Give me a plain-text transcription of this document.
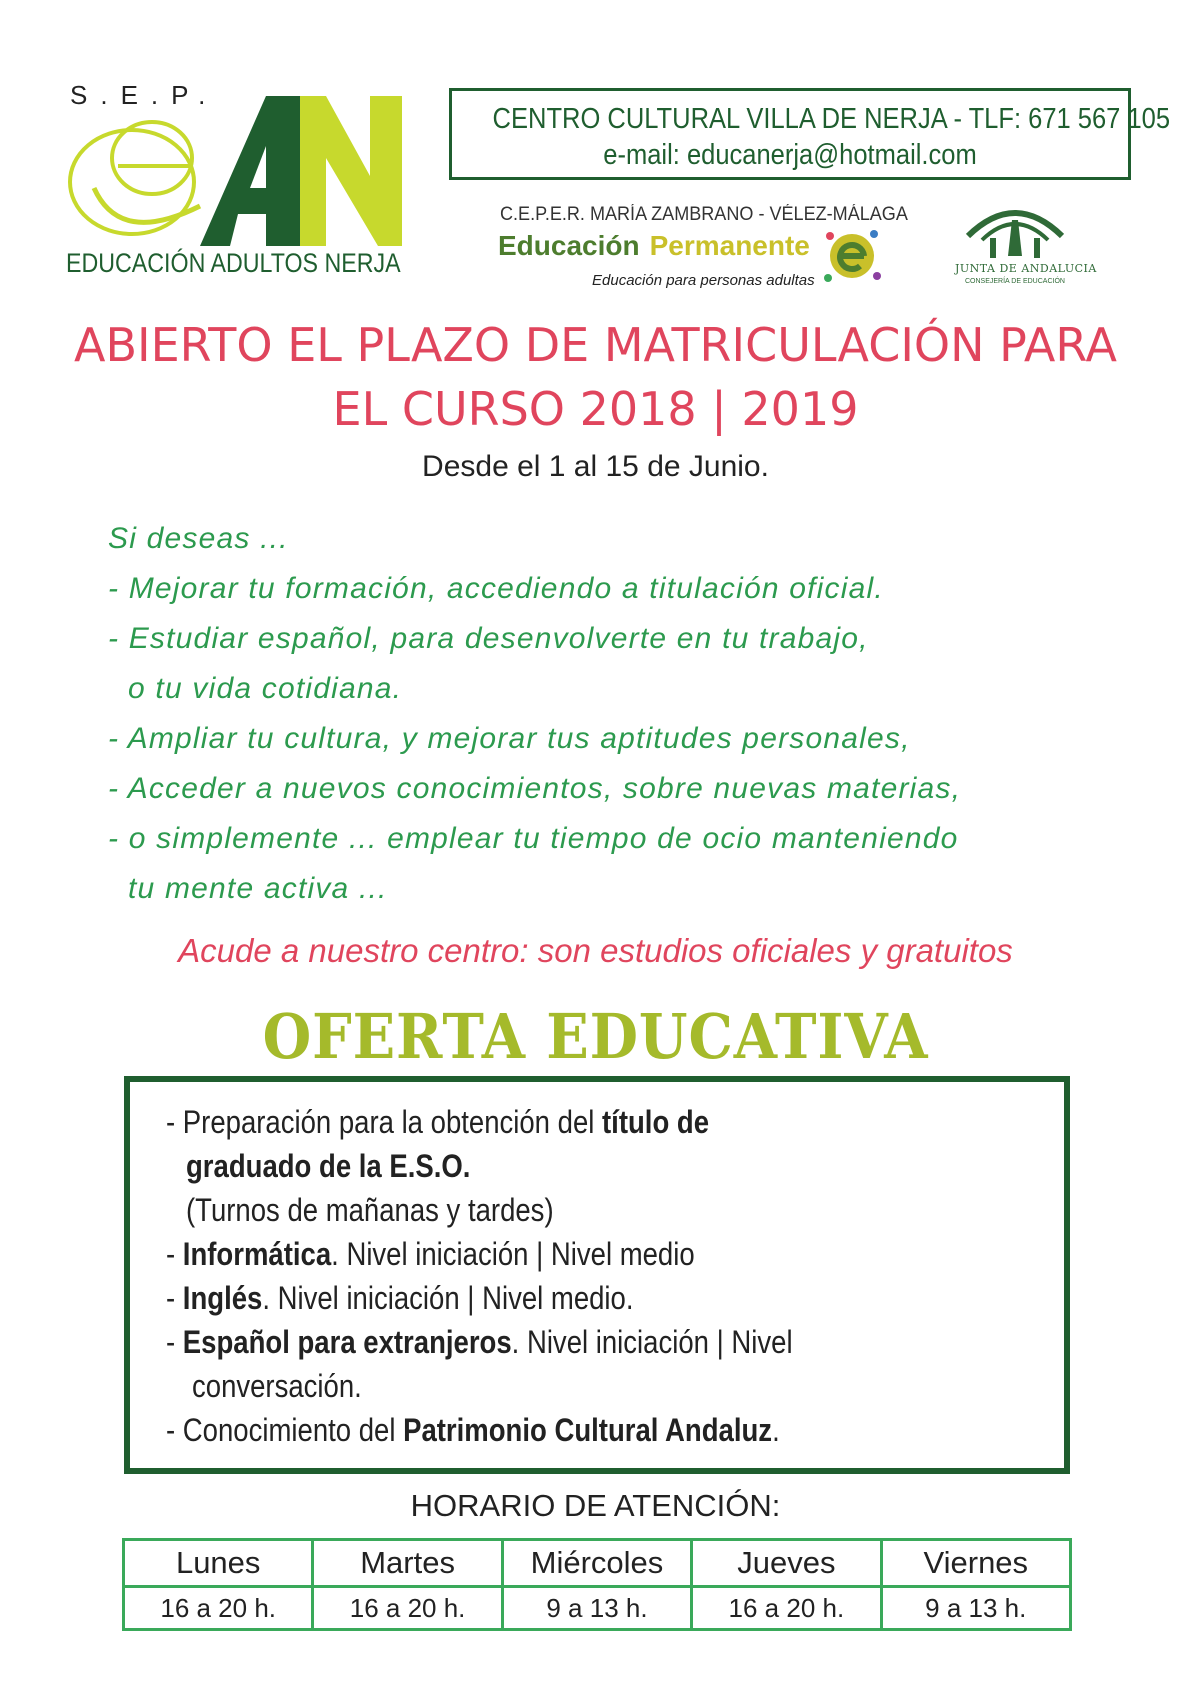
S.E.P.
EDUCACIÓN ADULTOS NERJA
CENTRO CULTURAL VILLA DE NERJA - TLF: 671 567 105
e-mail: educanerja@hotmail.com
C.E.P.E.R. MARÍA ZAMBRANO - VÉLEZ-MÁLAGA
Educación Permanente
Educación para personas adultas
JUNTA DE ANDALUCIA
CONSEJERÍA DE EDUCACIÓN
ABIERTO EL PLAZO DE MATRICULACIÓN PARA
EL CURSO 2018 | 2019
Desde el 1 al 15 de Junio.
Si deseas ...
- Mejorar tu formación, accediendo a titulación oficial.
- Estudiar español, para desenvolverte en tu trabajo,
o tu vida cotidiana.
- Ampliar tu cultura, y mejorar tus aptitudes personales,
- Acceder a nuevos conocimientos, sobre nuevas materias,
- o simplemente ... emplear tu tiempo de ocio manteniendo
tu mente activa ...
Acude a nuestro centro: son estudios oficiales y gratuitos
OFERTA EDUCATIVA
- Preparación para la obtención del título de
graduado de la E.S.O.
(Turnos de mañanas y tardes)
- Informática. Nivel iniciación | Nivel medio
- Inglés. Nivel iniciación | Nivel medio.
- Español para extranjeros. Nivel iniciación | Nivel
conversación.
- Conocimiento del Patrimonio Cultural Andaluz.
HORARIO DE ATENCIÓN:
Lunes	Martes	Miércoles	Jueves	Viernes
16 a 20 h.	16 a 20 h.	9 a 13 h.	16 a 20 h.	9 a 13 h.
